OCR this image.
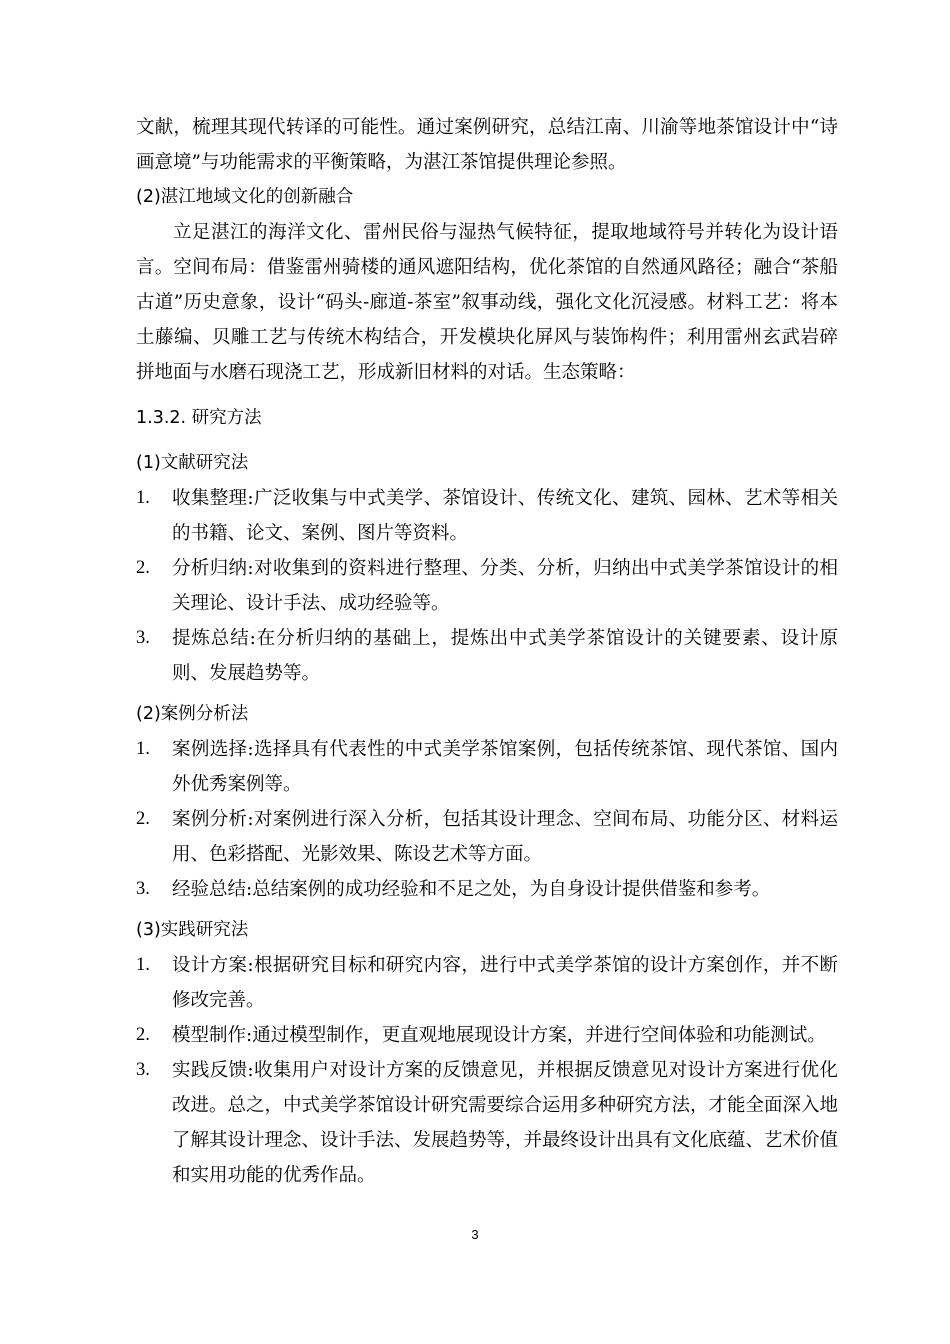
文献，梳理其现代转译的可能性。通过案例研究，总结江南、川渝等地茶馆设计中“诗画意境”与功能需求的平衡策略，为湛江茶馆提供理论参照。

(2)湛江地域文化的创新融合

立足湛江的海洋文化、雷州民俗与湿热气候特征，提取地域符号并转化为设计语言。空间布局：借鉴雷州骑楼的通风遮阳结构，优化茶馆的自然通风路径；融合“茶船古道”历史意象，设计“码头-廊道-茶室”叙事动线，强化文化沉浸感。材料工艺：将本土藤编、贝雕工艺与传统木构结合，开发模块化屏风与装饰构件；利用雷州玄武岩碎拼地面与水磨石现浇工艺，形成新旧材料的对话。生态策略：

1.3.2. 研究方法

(1)文献研究法

1. 收集整理:广泛收集与中式美学、茶馆设计、传统文化、建筑、园林、艺术等相关的书籍、论文、案例、图片等资料。
2. 分析归纳:对收集到的资料进行整理、分类、分析，归纳出中式美学茶馆设计的相关理论、设计手法、成功经验等。
3. 提炼总结:在分析归纳的基础上，提炼出中式美学茶馆设计的关键要素、设计原则、发展趋势等。

(2)案例分析法

1. 案例选择:选择具有代表性的中式美学茶馆案例，包括传统茶馆、现代茶馆、国内外优秀案例等。
2. 案例分析:对案例进行深入分析，包括其设计理念、空间布局、功能分区、材料运用、色彩搭配、光影效果、陈设艺术等方面。
3. 经验总结:总结案例的成功经验和不足之处，为自身设计提供借鉴和参考。

(3)实践研究法

1. 设计方案:根据研究目标和研究内容，进行中式美学茶馆的设计方案创作，并不断修改完善。
2. 模型制作:通过模型制作，更直观地展现设计方案，并进行空间体验和功能测试。
3. 实践反馈:收集用户对设计方案的反馈意见，并根据反馈意见对设计方案进行优化改进。总之，中式美学茶馆设计研究需要综合运用多种研究方法，才能全面深入地了解其设计理念、设计手法、发展趋势等，并最终设计出具有文化底蕴、艺术价值和实用功能的优秀作品。
3
